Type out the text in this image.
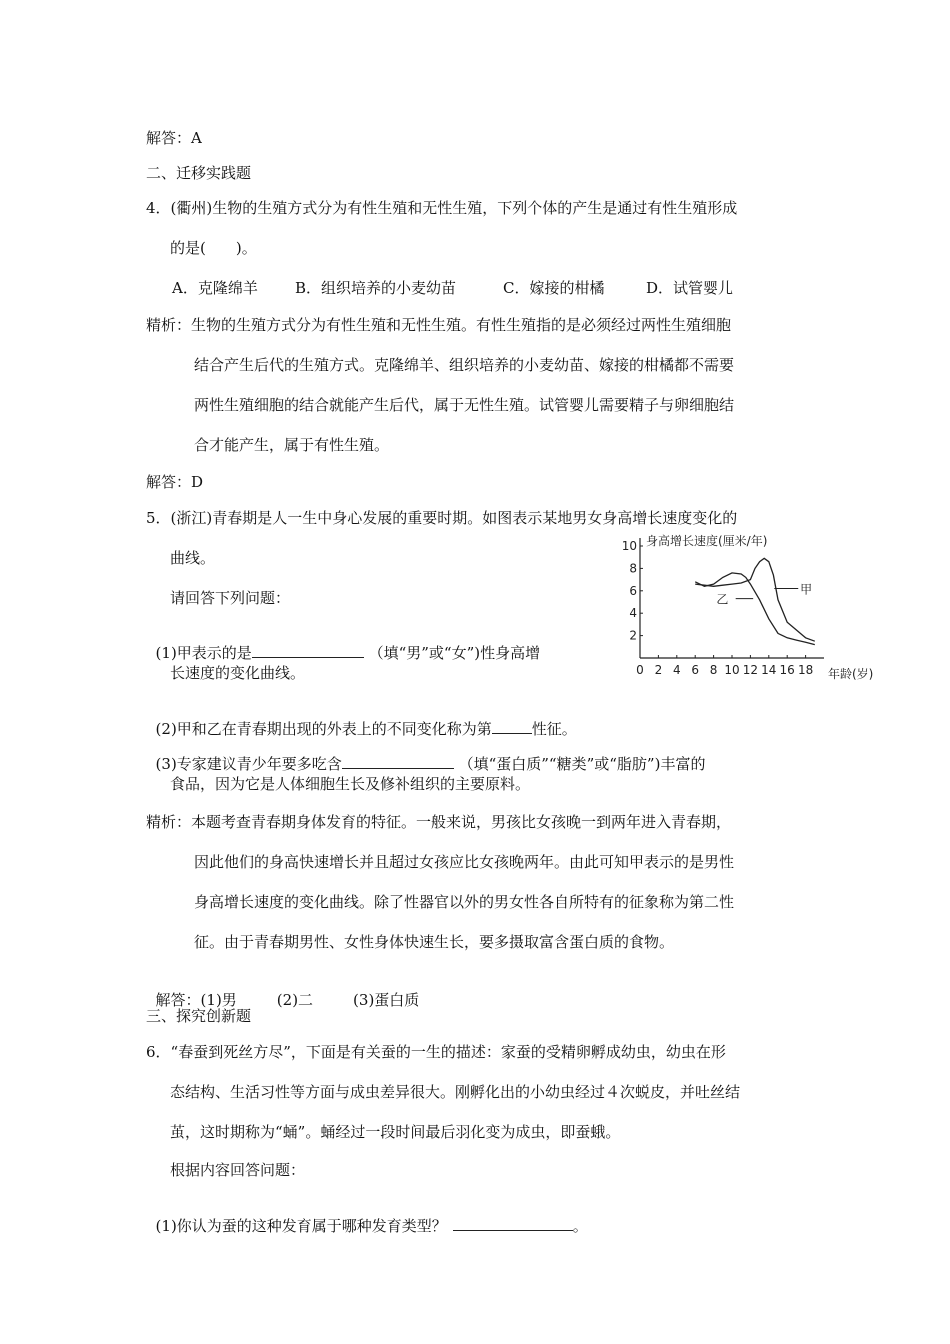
解答：A
二、迁移实践题
4．(衢州)生物的生殖方式分为有性生殖和无性生殖，下列个体的产生是通过有性生殖形成
的是(　　)。
A．克隆绵羊 B．组织培养的小麦幼苗	C．嫁接的柑橘	D．试管婴儿
精析：生物的生殖方式分为有性生殖和无性生殖。有性生殖指的是必须经过两性生殖细胞
结合产生后代的生殖方式。克隆绵羊、组织培养的小麦幼苗、嫁接的柑橘都不需要
两性生殖细胞的结合就能产生后代，属于无性生殖。试管婴儿需要精子与卵细胞结
合才能产生，属于有性生殖。
解答：D
5．(浙江)青春期是人一生中身心发展的重要时期。如图表示某地男女身高增长速度变化的
曲线。
请回答下列问题：

(1)甲表示的是	（填“男”或“女”)性身高增

长速度的变化曲线。

(2)甲和乙在青春期出现的外表上的不同变化称为第	性征。

(3)专家建议青少年要多吃含	（填“蛋白质”“糖类”或“脂肪”)丰富的

食品，因为它是人体细胞生长及修补组织的主要原料。
精析：本题考查青春期身体发育的特征。一般来说，男孩比女孩晚一到两年进入青春期，
因此他们的身高快速增长并且超过女孩应比女孩晚两年。由此可知甲表示的是男性
身高增长速度的变化曲线。除了性器官以外的男女性各自所特有的征象称为第二性
征。由于青春期男性、女性身体快速生长，要多摄取富含蛋白质的食物。

解答：(1)男	(2)二	(3)蛋白质

三、探究创新题
6．“春蚕到死丝方尽”，下面是有关蚕的一生的描述：家蚕的受精卵孵成幼虫，幼虫在形
态结构、生活习性等方面与成虫差异很大。刚孵化出的小幼虫经过４次蜕皮，并吐丝结
茧，这时期称为“蛹”。蛹经过一段时间最后羽化变为成虫，即蚕蛾。
根据内容回答问题：

(1)你认为蚕的这种发育属于哪种发育类型？	。

身高增长速度(厘米/年)
年龄(岁)
0 2 4 6 8 10 12 14 16 18
2
4
6
8
10
甲
乙
